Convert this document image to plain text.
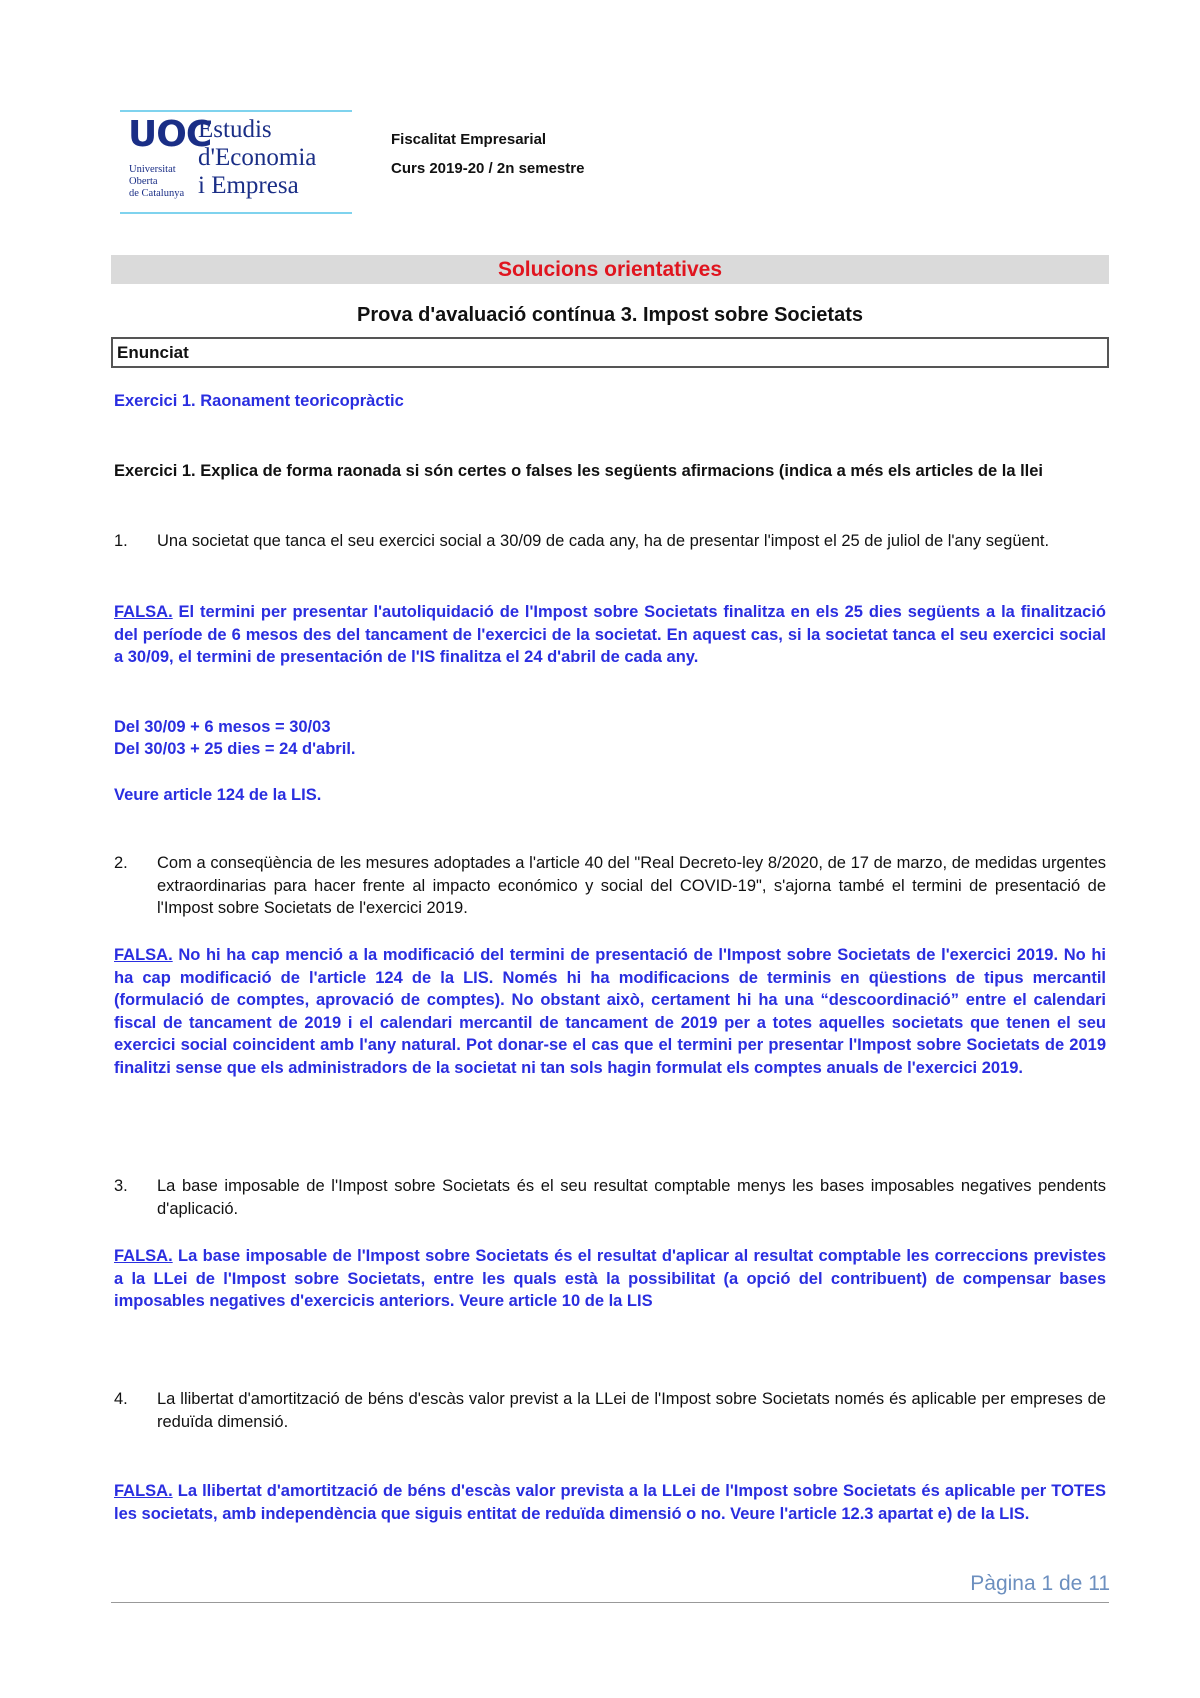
UOC
Universitat
Oberta
de Catalunya
Estudis
d'Economia
i Empresa
Fiscalitat Empresarial
Curs 2019-20 / 2n semestre
Solucions orientatives
Prova d'avaluació contínua 3. Impost sobre Societats
Enunciat
Exercici 1. Raonament teoricopràctic
Exercici 1. Explica de forma raonada si són certes o falses les següents afirmacions (indica a més els articles de la llei
1. Una societat que tanca el seu exercici social a 30/09 de cada any, ha de presentar l'impost el 25 de juliol de l'any següent.
FALSA. El termini per presentar l'autoliquidació de l'Impost sobre Societats finalitza en els 25 dies següents a la finalització del període de 6 mesos des del tancament de l'exercici de la societat. En aquest cas, si la societat tanca el seu exercici social a 30/09, el termini de presentación de l'IS finalitza el 24 d'abril de cada any.
Del 30/09 + 6 mesos = 30/03
Del 30/03 + 25 dies = 24 d'abril.
Veure article 124 de la LIS.
2. Com a conseqüència de les mesures adoptades a l'article 40 del "Real Decreto-ley 8/2020, de 17 de marzo, de medidas urgentes extraordinarias para hacer frente al impacto económico y social del COVID-19", s'ajorna també el termini de presentació de l'Impost sobre Societats de l'exercici 2019.
FALSA. No hi ha cap menció a la modificació del termini de presentació de l'Impost sobre Societats de l'exercici 2019. No hi ha cap modificació de l'article 124 de la LIS. Només hi ha modificacions de terminis en qüestions de tipus mercantil (formulació de comptes, aprovació de comptes). No obstant això, certament hi ha una “descoordinació” entre el calendari fiscal de tancament de 2019 i el calendari mercantil de tancament de 2019 per a totes aquelles societats que tenen el seu exercici social coincident amb l'any natural. Pot donar-se el cas que el termini per presentar l'Impost sobre Societats de 2019 finalitzi sense que els administradors de la societat ni tan sols hagin formulat els comptes anuals de l'exercici 2019.
3. La base imposable de l'Impost sobre Societats és el seu resultat comptable menys les bases imposables negatives pendents d'aplicació.
FALSA. La base imposable de l'Impost sobre Societats és el resultat d'aplicar al resultat comptable les correccions previstes a la LLei de l'Impost sobre Societats, entre les quals està la possibilitat (a opció del contribuent) de compensar bases imposables negatives d'exercicis anteriors. Veure article 10 de la LIS
4. La llibertat d'amortització de béns d'escàs valor previst a la LLei de l'Impost sobre Societats només és aplicable per empreses de reduïda dimensió.
FALSA. La llibertat d'amortització de béns d'escàs valor prevista a la LLei de l'Impost sobre Societats és aplicable per TOTES les societats, amb independència que siguis entitat de reduïda dimensió o no. Veure l'article 12.3 apartat e) de la LIS.
Pàgina 1 de 11
